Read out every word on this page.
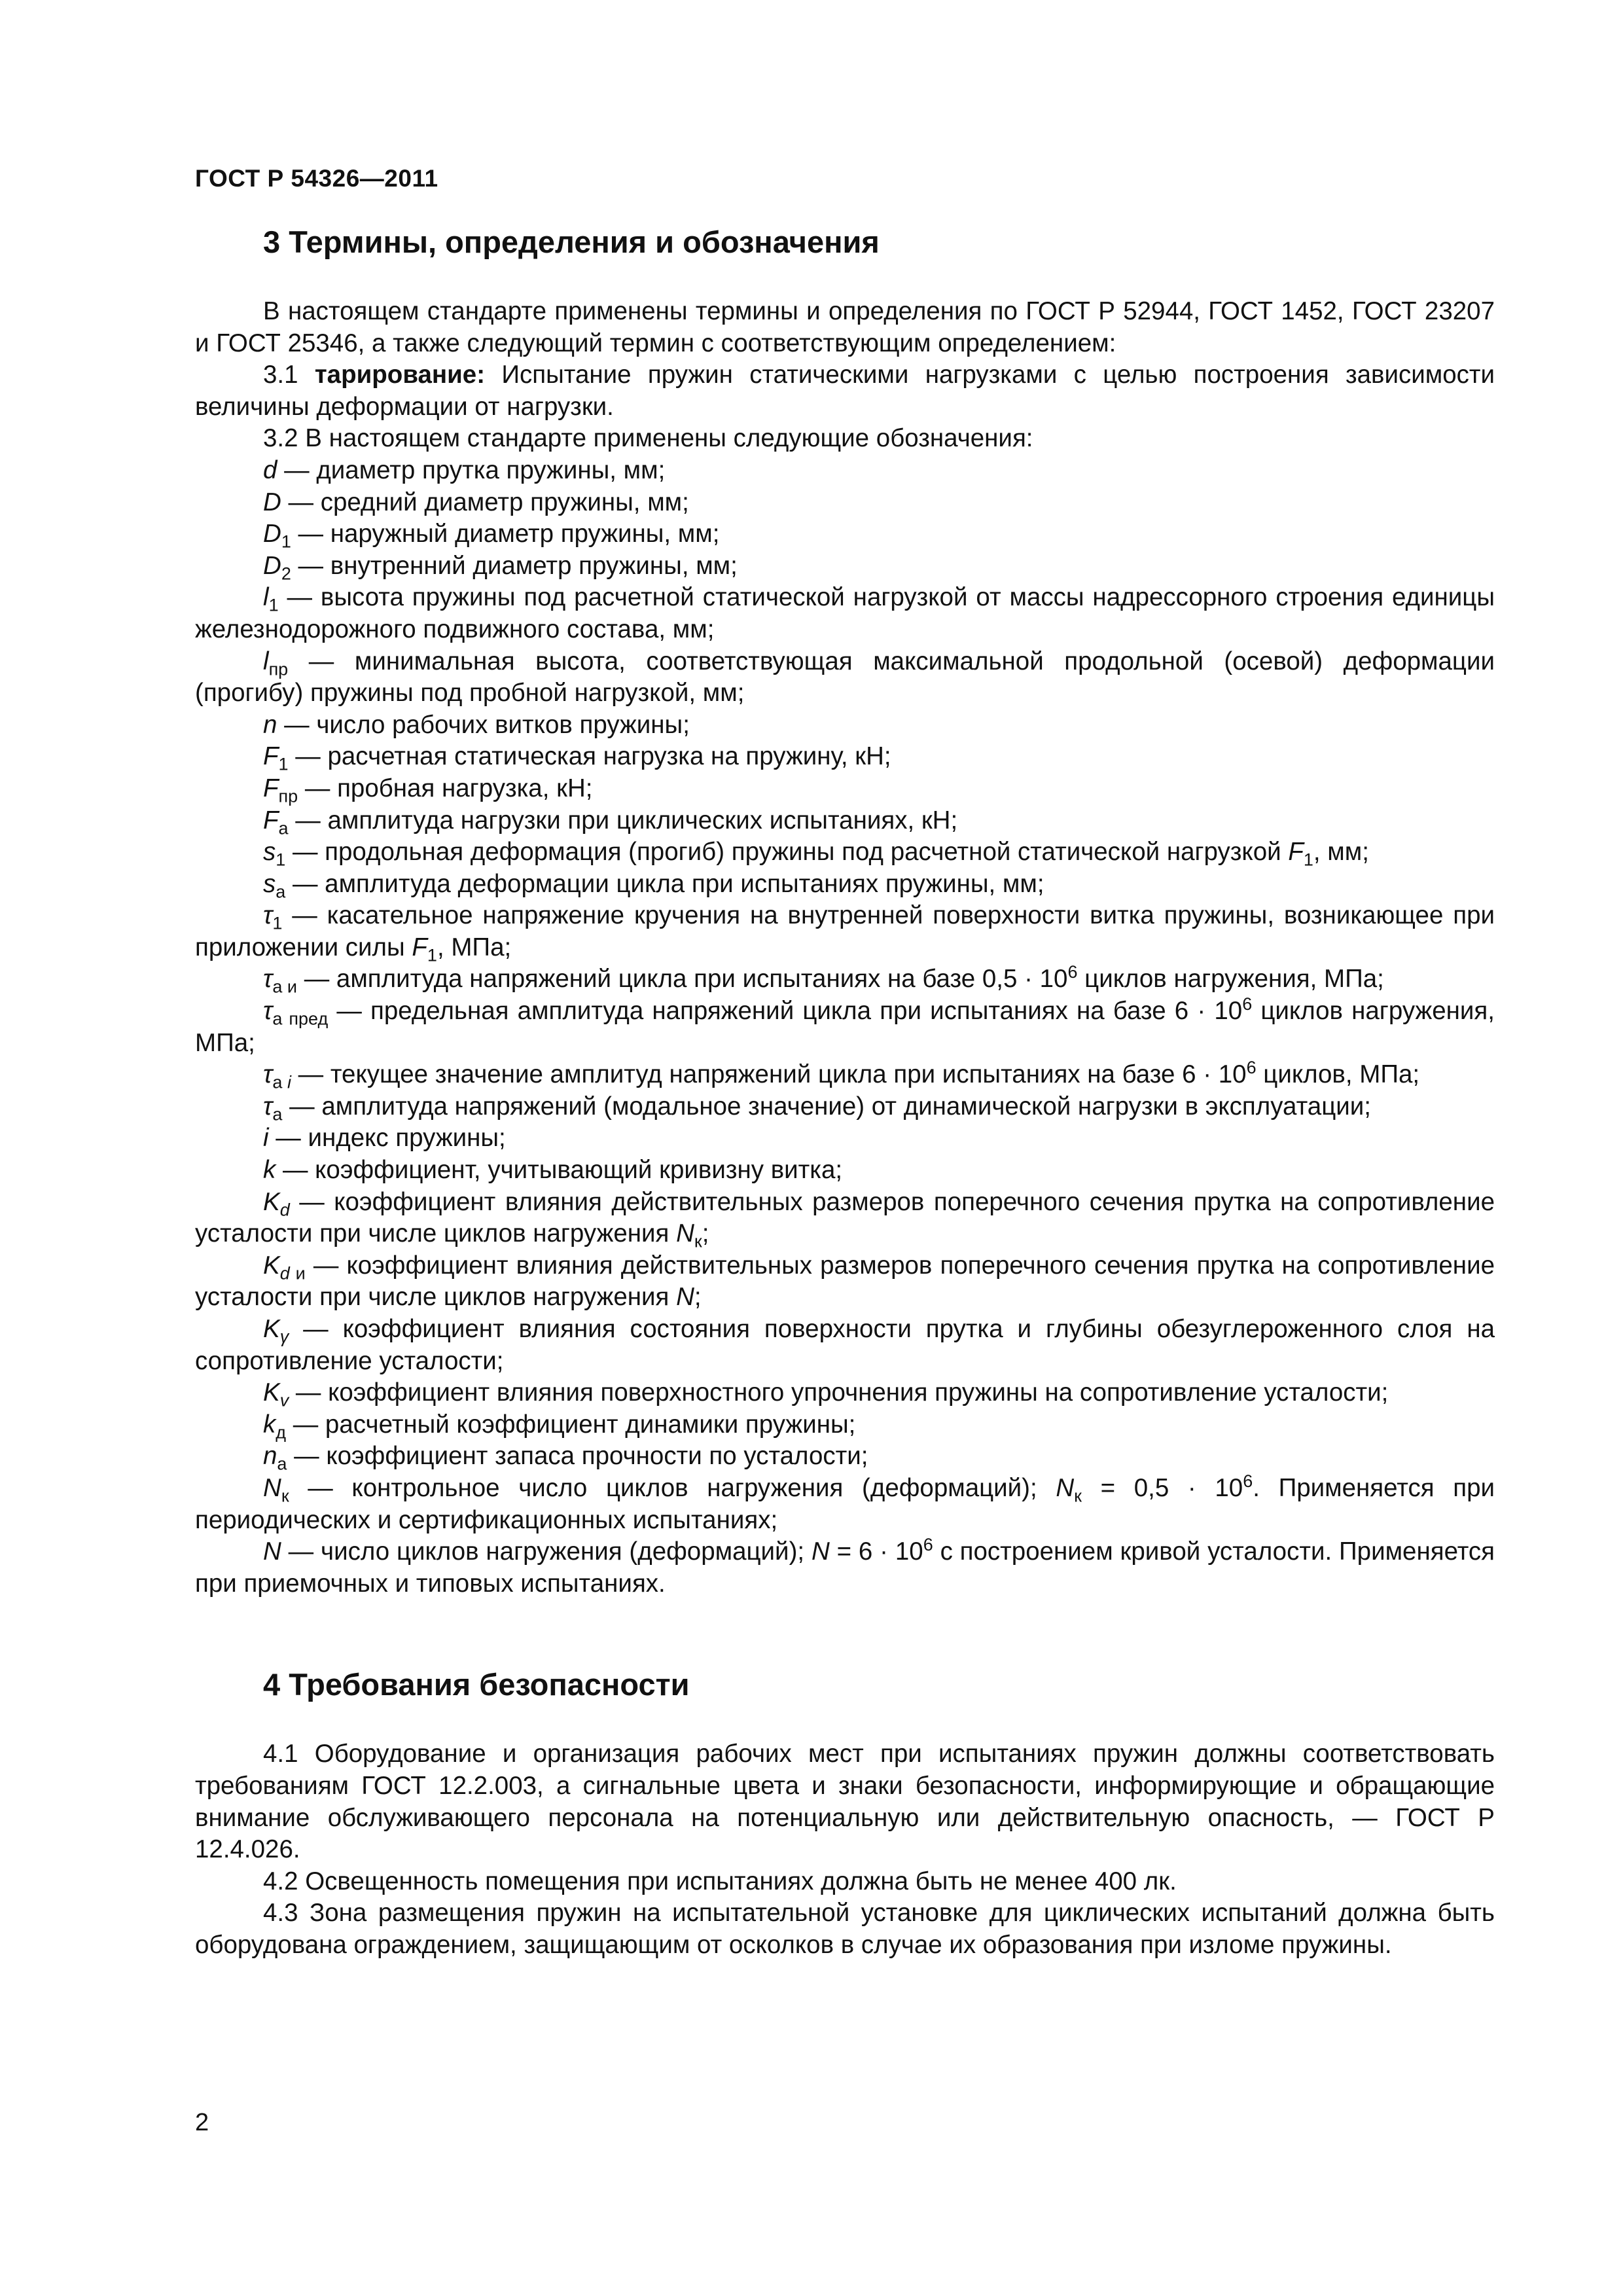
ГОСТ Р 54326—2011
3 Термины, определения и обозначения

В настоящем стандарте применены термины и определения по ГОСТ Р 52944, ГОСТ 1452, ГОСТ 23207 и ГОСТ 25346, а также следующий термин с соответствующим определением:

3.1 тарирование: Испытание пружин статическими нагрузками с целью построения зависимости величины деформации от нагрузки.

3.2 В настоящем стандарте применены следующие обозначения:

d — диаметр прутка пружины, мм;

D — средний диаметр пружины, мм;

$D_1$ — наружный диаметр пружины, мм;

$D_2$ — внутренний диаметр пружины, мм;

$l_1$ — высота пружины под расчетной статической нагрузкой от массы надрессорного строения единицы железнодорожного подвижного состава, мм;

$l_{пр}$ — минимальная высота, соответствующая максимальной продольной (осевой) деформации (прогибу) пружины под пробной нагрузкой, мм;

n — число рабочих витков пружины;

$F_1$ — расчетная статическая нагрузка на пружину, кН;

$F_{пр}$ — пробная нагрузка, кН;

$F_а$ — амплитуда нагрузки при циклических испытаниях, кН;

$s_1$ — продольная деформация (прогиб) пружины под расчетной статической нагрузкой $F_1$, мм;

$s_а$ — амплитуда деформации цикла при испытаниях пружины, мм;

$\tau_1$ — касательное напряжение кручения на внутренней поверхности витка пружины, возникающее при приложении силы $F_1$, МПа;

$\tau_{а и}$ — амплитуда напряжений цикла при испытаниях на базе $0,5 \cdot 10^6$ циклов нагружения, МПа;

$\tau_{а пред}$ — предельная амплитуда напряжений цикла при испытаниях на базе $6 \cdot 10^6$ циклов нагружения, МПа;

$\tau_{а i}$ — текущее значение амплитуд напряжений цикла при испытаниях на базе $6 \cdot 10^6$ циклов, МПа;

$\tau_а$ — амплитуда напряжений (модальное значение) от динамической нагрузки в эксплуатации;

i — индекс пружины;

k — коэффициент, учитывающий кривизну витка;

$K_d$ — коэффициент влияния действительных размеров поперечного сечения прутка на сопротивление усталости при числе циклов нагружения $N_к$;

$K_{d и}$ — коэффициент влияния действительных размеров поперечного сечения прутка на сопротивление усталости при числе циклов нагружения N;

$K_\gamma$ — коэффициент влияния состояния поверхности прутка и глубины обезуглероженного слоя на сопротивление усталости;

$K_v$ — коэффициент влияния поверхностного упрочнения пружины на сопротивление усталости;

$k_д$ — расчетный коэффициент динамики пружины;

$n_а$ — коэффициент запаса прочности по усталости;

$N_к$ — контрольное число циклов нагружения (деформаций); $N_к = 0,5 \cdot 10^6$. Применяется при периодических и сертификационных испытаниях;

N — число циклов нагружения (деформаций); $N = 6 \cdot 10^6$ с построением кривой усталости. Применяется при приемочных и типовых испытаниях.

4 Требования безопасности

4.1 Оборудование и организация рабочих мест при испытаниях пружин должны соответствовать требованиям ГОСТ 12.2.003, а сигнальные цвета и знаки безопасности, информирующие и обращающие внимание обслуживающего персонала на потенциальную или действительную опасность, — ГОСТ Р 12.4.026.

4.2 Освещенность помещения при испытаниях должна быть не менее 400 лк.

4.3 Зона размещения пружин на испытательной установке для циклических испытаний должна быть оборудована ограждением, защищающим от осколков в случае их образования при изломе пружины.

2
